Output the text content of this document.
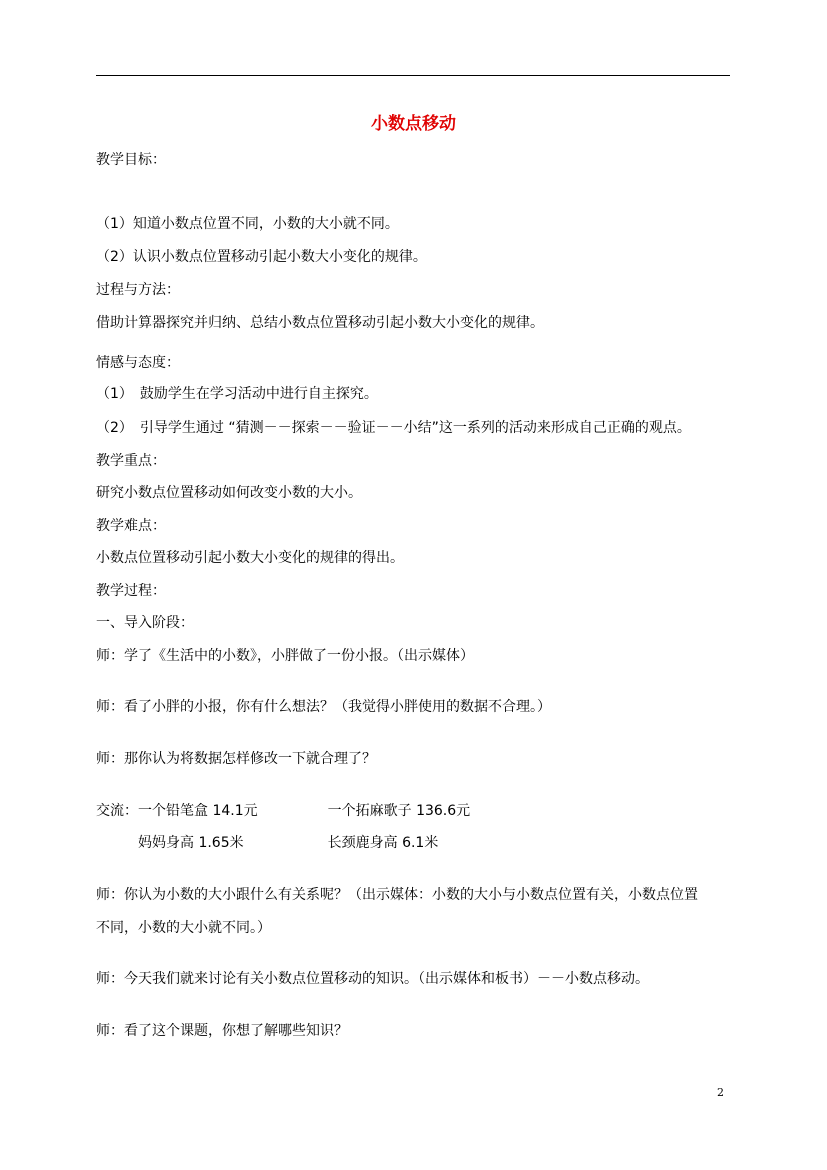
小数点移动
教学目标：
（1）知道小数点位置不同，小数的大小就不同。
（2）认识小数点位置移动引起小数大小变化的规律。
过程与方法：
借助计算器探究并归纳、总结小数点位置移动引起小数大小变化的规律。
情感与态度：
（1）　鼓励学生在学习活动中进行自主探究。
（2）　引导学生通过 “猜测－－探索－－验证－－小结”这一系列的活动来形成自己正确的观点。
教学重点：
研究小数点位置移动如何改变小数的大小。
教学难点：
小数点位置移动引起小数大小变化的规律的得出。
教学过程：
一、导入阶段：
师：学了《生活中的小数》，小胖做了一份小报。（出示媒体）
师：看了小胖的小报，你有什么想法？（我觉得小胖使用的数据不合理。）
师：那你认为将数据怎样修改一下就合理了？
交流：一个铅笔盒 14.1元　　　　　一个拓麻歌子 136.6元
　　　妈妈身高 1.65米　　　　　　长颈鹿身高 6.1米
师：你认为小数的大小跟什么有关系呢？（出示媒体：小数的大小与小数点位置有关，小数点位置
不同，小数的大小就不同。）
师：今天我们就来讨论有关小数点位置移动的知识。（出示媒体和板书）－－小数点移动。
师：看了这个课题，你想了解哪些知识？
2
